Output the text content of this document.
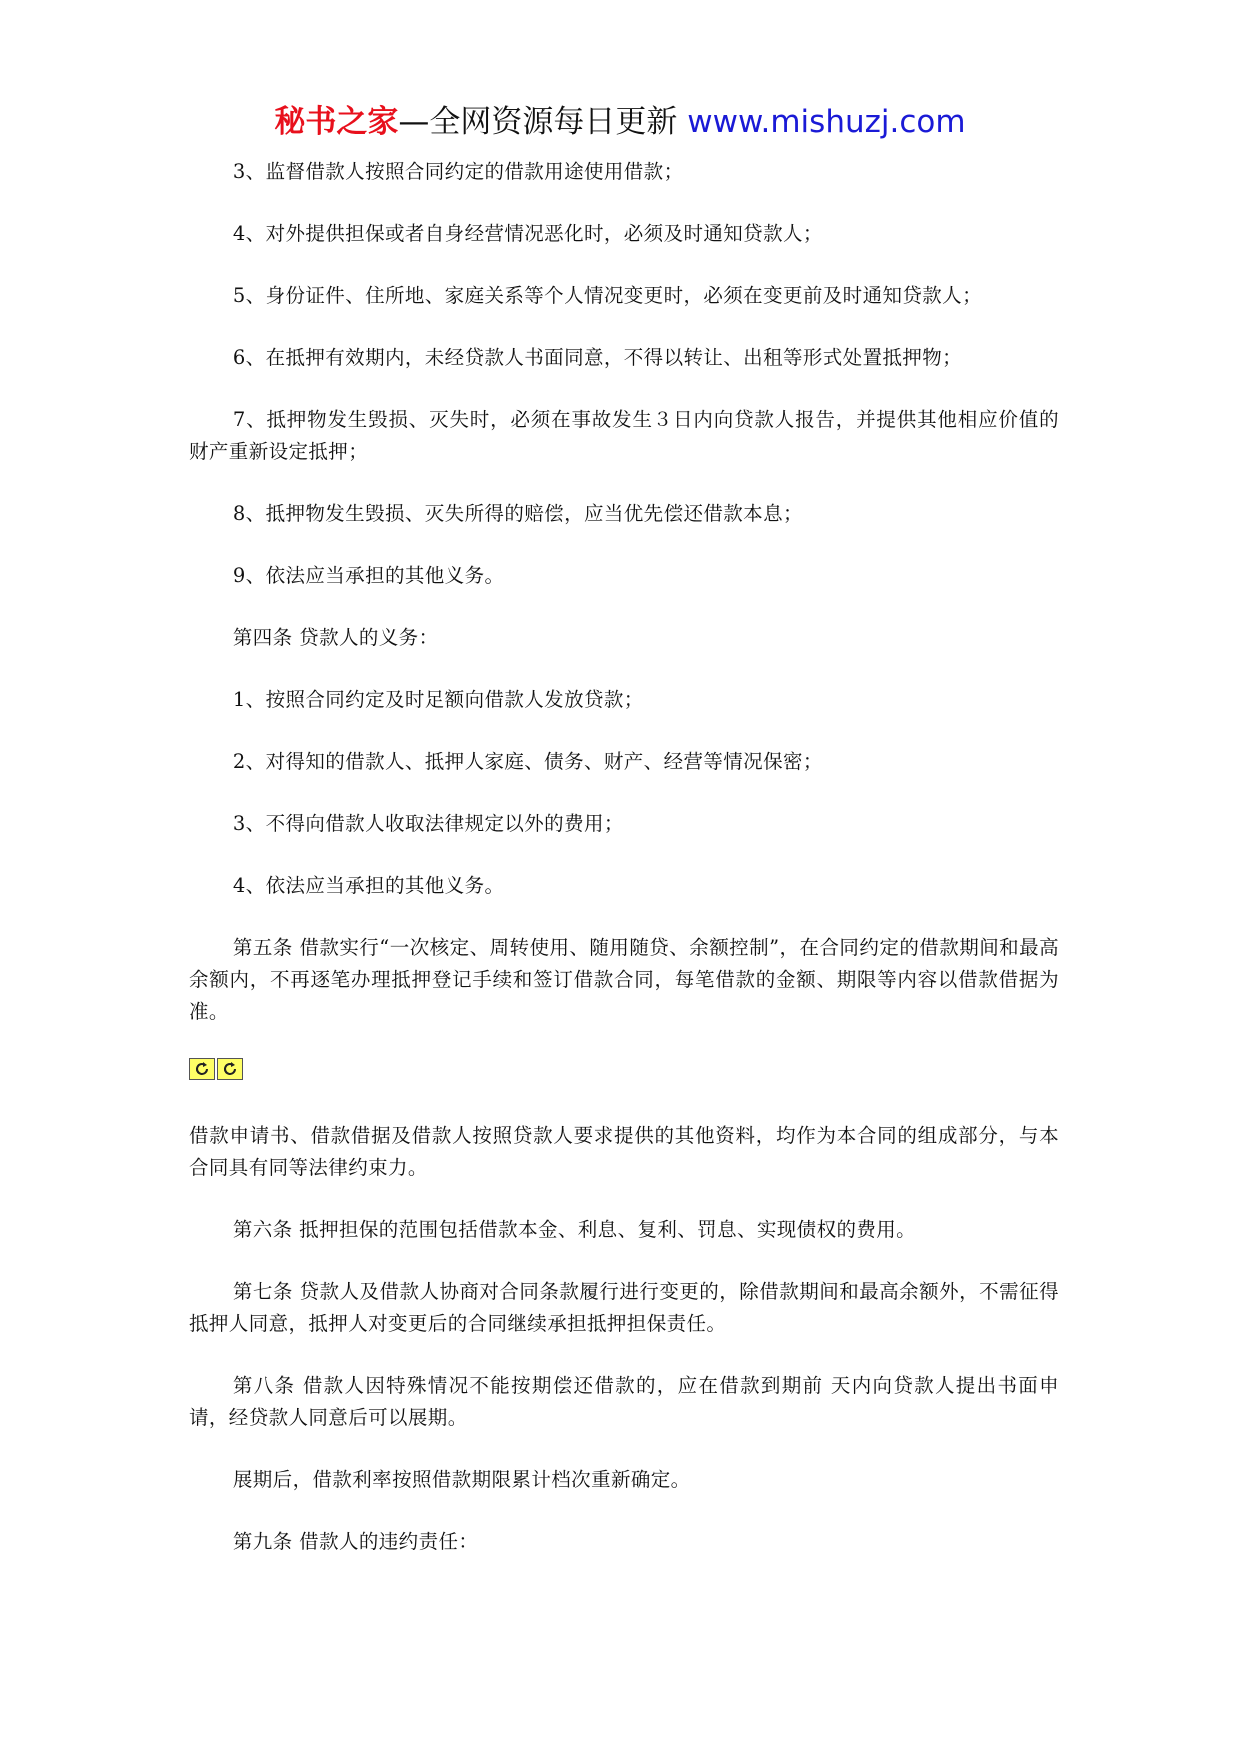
秘书之家—全网资源每日更新 www.mishuzj.com

3、监督借款人按照合同约定的借款用途使用借款；

4、对外提供担保或者自身经营情况恶化时，必须及时通知贷款人；

5、身份证件、住所地、家庭关系等个人情况变更时，必须在变更前及时通知贷款人；

6、在抵押有效期内，未经贷款人书面同意，不得以转让、出租等形式处置抵押物；

7、抵押物发生毁损、灭失时，必须在事故发生３日内向贷款人报告，并提供其他相应价值的财产重新设定抵押；

8、抵押物发生毁损、灭失所得的赔偿，应当优先偿还借款本息；

9、依法应当承担的其他义务。

第四条 贷款人的义务：

1、按照合同约定及时足额向借款人发放贷款；

2、对得知的借款人、抵押人家庭、债务、财产、经营等情况保密；

3、不得向借款人收取法律规定以外的费用；

4、依法应当承担的其他义务。

第五条 借款实行“一次核定、周转使用、随用随贷、余额控制”，在合同约定的借款期间和最高余额内，不再逐笔办理抵押登记手续和签订借款合同，每笔借款的金额、期限等内容以借款借据为准。

借款申请书、借款借据及借款人按照贷款人要求提供的其他资料，均作为本合同的组成部分，与本合同具有同等法律约束力。

第六条 抵押担保的范围包括借款本金、利息、复利、罚息、实现债权的费用。

第七条 贷款人及借款人协商对合同条款履行进行变更的，除借款期间和最高余额外，不需征得抵押人同意，抵押人对变更后的合同继续承担抵押担保责任。

第八条 借款人因特殊情况不能按期偿还借款的，应在借款到期前 天内向贷款人提出书面申请，经贷款人同意后可以展期。

展期后，借款利率按照借款期限累计档次重新确定。

第九条 借款人的违约责任：
